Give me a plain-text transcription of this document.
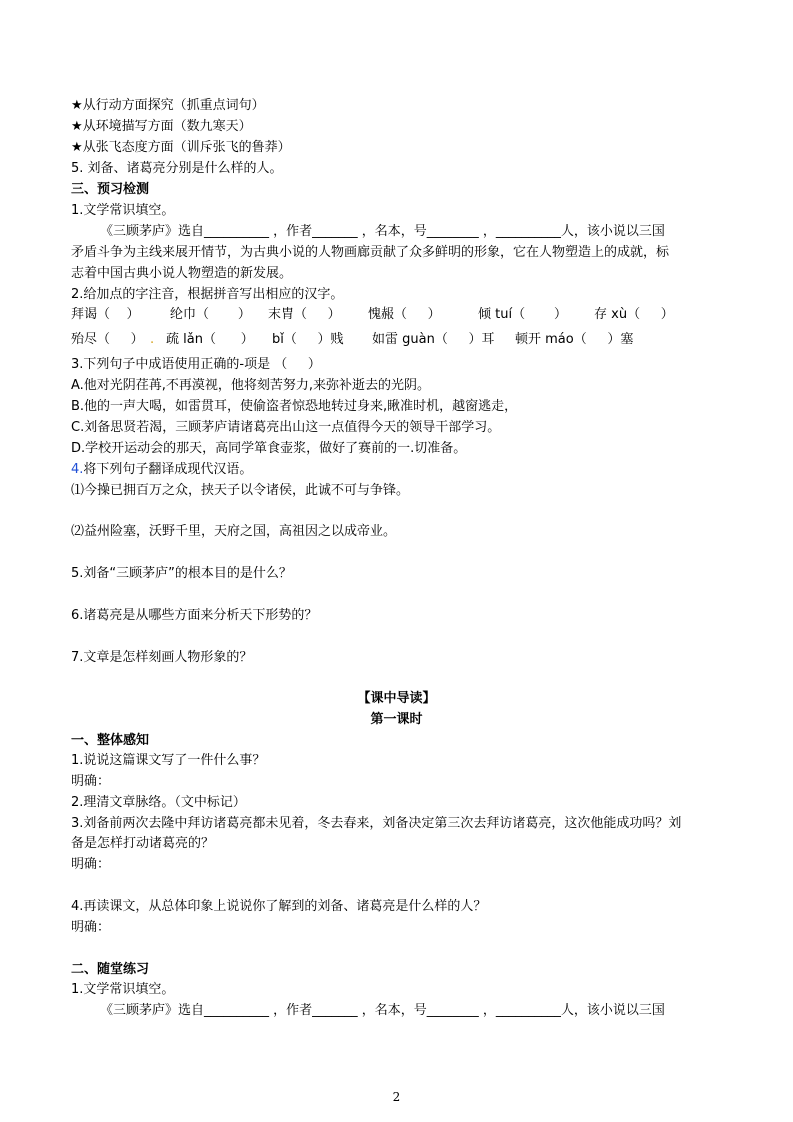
★从行动方面探究（抓重点词句）
★从环境描写方面（数九寒天）
★从张飞态度方面（训斥张飞的鲁莽）
5. 刘备、诸葛亮分别是什么样的人。
三、预习检测
1.文学常识填空。
《三顾茅庐》选自__________ ，作者_______ ，名本，号________ ，__________人，该小说以三国
矛盾斗争为主线来展开情节，为古典小说的人物画廊贡献了众多鲜明的形象，它在人物塑造上的成就，标
志着中国古典小说人物塑造的新发展。
2.给加点的字注音，根据拼音写出相应的汉字。
拜谒（    ） 纶巾（       ） 末胄（     ） 愧赧（     ）	倾 tuí（       ） 存 xù（     ）
殆尽（     ） . 疏 lǎn（      ） bǐ（     ）贱 如雷 guàn（     ）耳 顿开 máo（     ）塞
3.下列句子中成语使用正确的-项是 （     ）
A.他对光阴荏苒,不再漠视，他将刻苦努力,来弥补逝去的光阴。
B.他的一声大喝，如雷贯耳，使偷盗者惊恐地转过身来,瞅准时机，越窗逃走，
C.刘备思贤若渴，三顾茅庐请诸葛亮出山这一点值得今天的领导干部学习。
D.学校开运动会的那天，高同学箪食壶浆，做好了赛前的一.切准备。
4.将下列句子翻译成现代汉语。
⑴今操已拥百万之众，挟天子以令诸侯，此诚不可与争锋。
⑵益州险塞，沃野千里，天府之国，高祖因之以成帝业。
5.刘备“三顾茅庐”的根本目的是什么？
6.诸葛亮是从哪些方面来分析天下形势的？
7.文章是怎样刻画人物形象的？
【课中导读】
第一课时
一、整体感知
1.说说这篇课文写了一件什么事？
明确：
2.理清文章脉络。（文中标记）
3.刘备前两次去隆中拜访诸葛亮都未见着，冬去春来，刘备决定第三次去拜访诸葛亮，这次他能成功吗？刘
备是怎样打动诸葛亮的？
明确：
4.再读课文，从总体印象上说说你了解到的刘备、诸葛亮是什么样的人？
明确：
二、随堂练习
1.文学常识填空。
《三顾茅庐》选自__________ ，作者_______ ，名本，号________ ，__________人，该小说以三国
2
